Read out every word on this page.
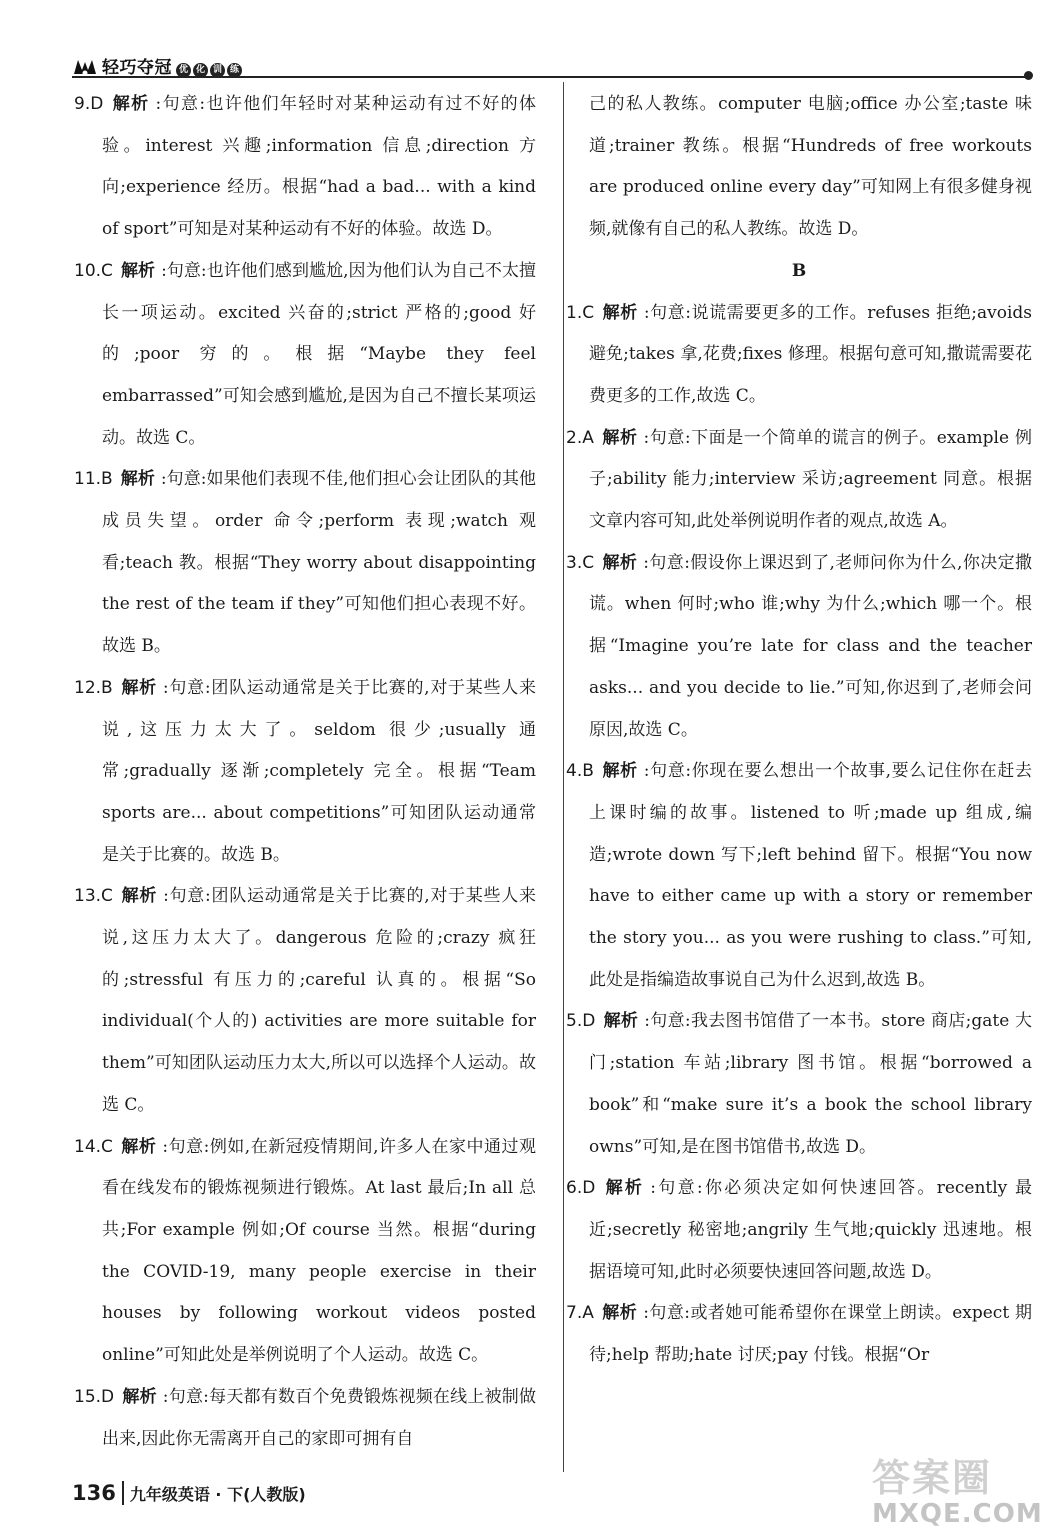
轻巧夺冠 优 化 训 练

9.D 解析 :句意:也许他们年轻时对某种运动有过不好的体验。interest 兴趣;information 信息;direction 方向;experience 经历。根据“had a bad... with a kind of sport”可知是对某种运动有不好的体验。故选 D。

10.C 解析 :句意:也许他们感到尴尬,因为他们认为自己不太擅长一项运动。excited 兴奋的;strict 严格的;good 好的;poor 穷的。根据“Maybe they feel embarrassed”可知会感到尴尬,是因为自己不擅长某项运动。故选 C。

11.B 解析 :句意:如果他们表现不佳,他们担心会让团队的其他成员失望。order 命令;perform 表现;watch 观看;teach 教。根据“They worry about disappointing the rest of the team if they”可知他们担心表现不好。故选 B。

12.B 解析 :句意:团队运动通常是关于比赛的,对于某些人来说,这压力太大了。seldom 很少;usually 通常;gradually 逐渐;completely 完全。根据“Team sports are... about competitions”可知团队运动通常是关于比赛的。故选 B。

13.C 解析 :句意:团队运动通常是关于比赛的,对于某些人来说,这压力太大了。dangerous 危险的;crazy 疯狂的;stressful 有压力的;careful 认真的。根据“So individual(个人的) activities are more suitable for them”可知团队运动压力太大,所以可以选择个人运动。故选 C。

14.C 解析 :句意:例如,在新冠疫情期间,许多人在家中通过观看在线发布的锻炼视频进行锻炼。At last 最后;In all 总共;For example 例如;Of course 当然。根据“during the COVID-19, many people exercise in their houses by following workout videos posted online”可知此处是举例说明了个人运动。故选 C。

15.D 解析 :句意:每天都有数百个免费锻炼视频在线上被制做出来,因此你无需离开自己的家即可拥有自

己的私人教练。computer 电脑;office 办公室;taste 味道;trainer 教练。根据“Hundreds of free workouts are produced online every day”可知网上有很多健身视频,就像有自己的私人教练。故选 D。

B

1.C 解析 :句意:说谎需要更多的工作。refuses 拒绝;avoids 避免;takes 拿,花费;fixes 修理。根据句意可知,撒谎需要花费更多的工作,故选 C。

2.A 解析 :句意:下面是一个简单的谎言的例子。example 例子;ability 能力;interview 采访;agreement 同意。根据文章内容可知,此处举例说明作者的观点,故选 A。

3.C 解析 :句意:假设你上课迟到了,老师问你为什么,你决定撒谎。when 何时;who 谁;why 为什么;which 哪一个。根据“Imagine you’re late for class and the teacher asks... and you decide to lie.”可知,你迟到了,老师会问原因,故选 C。

4.B 解析 :句意:你现在要么想出一个故事,要么记住你在赶去上课时编的故事。listened to 听;made up 组成,编造;wrote down 写下;left behind 留下。根据“You now have to either came up with a story or remember the story you... as you were rushing to class.”可知,此处是指编造故事说自己为什么迟到,故选 B。

5.D 解析 :句意:我去图书馆借了一本书。store 商店;gate 大门;station 车站;library 图书馆。根据“borrowed a book”和“make sure it’s a book the school library owns”可知,是在图书馆借书,故选 D。

6.D 解析 :句意:你必须决定如何快速回答。recently 最近;secretly 秘密地;angrily 生气地;quickly 迅速地。根据语境可知,此时必须要快速回答问题,故选 D。

7.A 解析 :句意:或者她可能希望你在课堂上朗读。expect 期待;help 帮助;hate 讨厌;pay 付钱。根据“Or

136 九年级英语 · 下(人教版)	答案圈
MXQE.COM
